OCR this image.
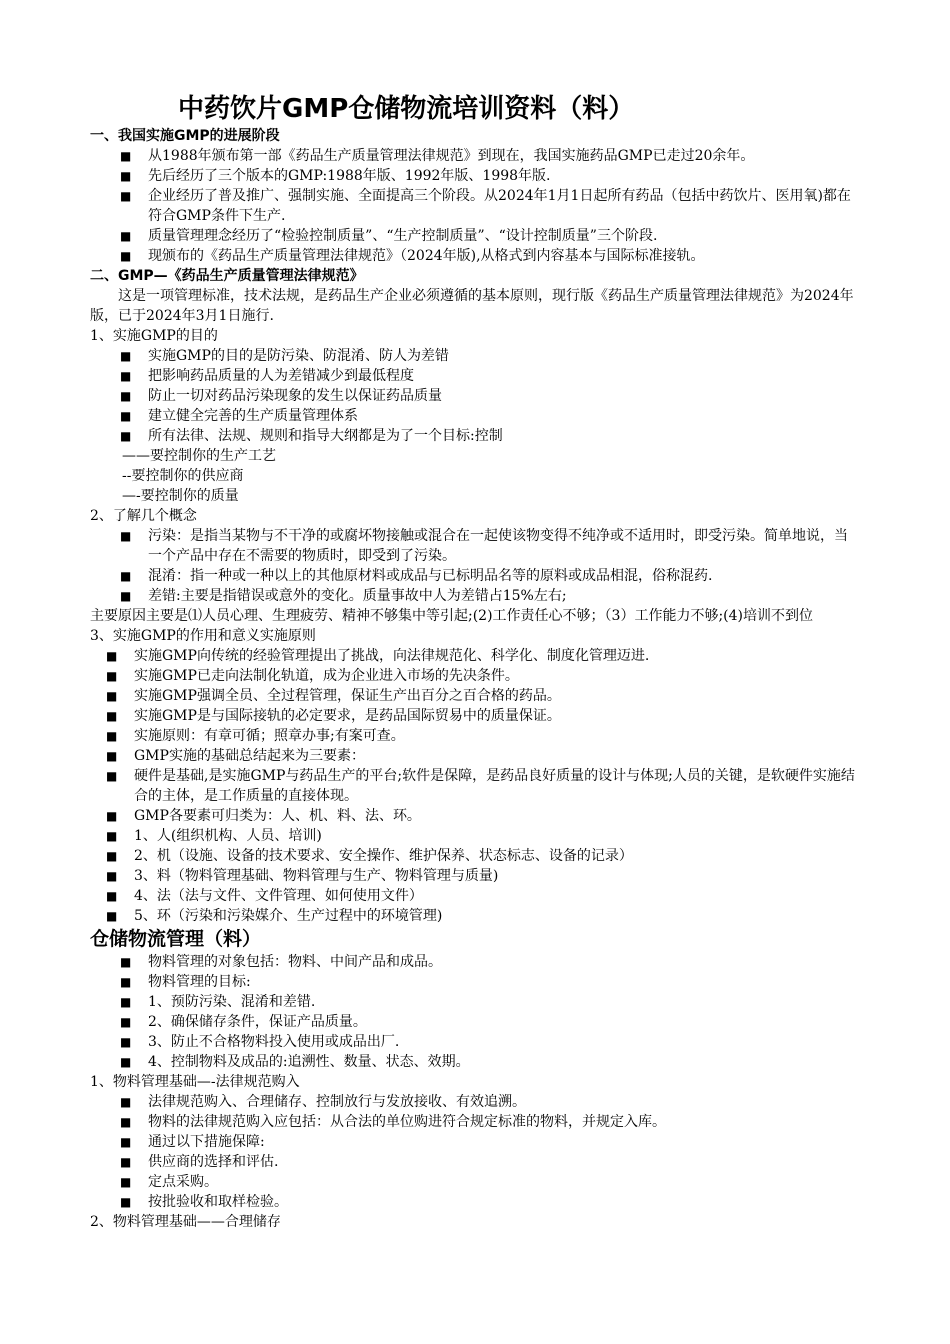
中药饮片GMP仓储物流培训资料（料）
一、我国实施GMP的进展阶段
■ 从1988年颁布第一部《药品生产质量管理法律规范》到现在，我国实施药品GMP已走过20余年。
■ 先后经历了三个版本的GMP:1988年版、1992年版、1998年版.
■ 企业经历了普及推广、强制实施、全面提高三个阶段。从2024年1月1日起所有药品（包括中药饮片、医用氧)都在符合GMP条件下生产.
■ 质量管理理念经历了“检验控制质量”、“生产控制质量”、“设计控制质量”三个阶段.
■ 现颁布的《药品生产质量管理法律规范》（2024年版),从格式到内容基本与国际标准接轨。
二、GMP—《药品生产质量管理法律规范》
这是一项管理标准，技术法规，是药品生产企业必须遵循的基本原则，现行版《药品生产质量管理法律规范》为2024年版，已于2024年3月1日施行.
1、实施GMP的目的
■ 实施GMP的目的是防污染、防混淆、防人为差错
■ 把影响药品质量的人为差错减少到最低程度
■ 防止一切对药品污染现象的发生以保证药品质量
■ 建立健全完善的生产质量管理体系
■ 所有法律、法规、规则和指导大纲都是为了一个目标:控制
——要控制你的生产工艺
--要控制你的供应商
—-要控制你的质量
2、了解几个概念
■ 污染：是指当某物与不干净的或腐坏物接触或混合在一起使该物变得不纯净或不适用时，即受污染。简单地说，当一个产品中存在不需要的物质时，即受到了污染。
■ 混淆：指一种或一种以上的其他原材料或成品与已标明品名等的原料或成品相混，俗称混药.
■ 差错:主要是指错误或意外的变化。质量事故中人为差错占15%左右;
主要原因主要是⑴人员心理、生理疲劳、精神不够集中等引起;(2)工作责任心不够；（3）工作能力不够;(4)培训不到位
3、实施GMP的作用和意义实施原则
■ 实施GMP向传统的经验管理提出了挑战，向法律规范化、科学化、制度化管理迈进.
■ 实施GMP已走向法制化轨道，成为企业进入市场的先决条件。
■ 实施GMP强调全员、全过程管理，保证生产出百分之百合格的药品。
■ 实施GMP是与国际接轨的必定要求，是药品国际贸易中的质量保证。
■ 实施原则：有章可循；照章办事;有案可查。
■ GMP实施的基础总结起来为三要素：
■ 硬件是基础,是实施GMP与药品生产的平台;软件是保障，是药品良好质量的设计与体现;人员的关键，是软硬件实施结合的主体，是工作质量的直接体现。
■ GMP各要素可归类为：人、机、料、法、环。
■ 1、人(组织机构、人员、培训)
■ 2、机（设施、设备的技术要求、安全操作、维护保养、状态标志、设备的记录）
■ 3、料（物料管理基础、物料管理与生产、物料管理与质量)
■ 4、法（法与文件、文件管理、如何使用文件）
■ 5、环（污染和污染媒介、生产过程中的环境管理)
仓储物流管理（料）
■ 物料管理的对象包括：物料、中间产品和成品。
■ 物料管理的目标:
■ 1、预防污染、混淆和差错.
■ 2、确保储存条件，保证产品质量。
■ 3、防止不合格物料投入使用或成品出厂.
■ 4、控制物料及成品的:追溯性、数量、状态、效期。
1、物料管理基础—-法律规范购入
■ 法律规范购入、合理储存、控制放行与发放接收、有效追溯。
■ 物料的法律规范购入应包括：从合法的单位购进符合规定标准的物料，并规定入库。
■ 通过以下措施保障:
■ 供应商的选择和评估.
■ 定点采购。
■ 按批验收和取样检验。
2、物料管理基础——合理储存
